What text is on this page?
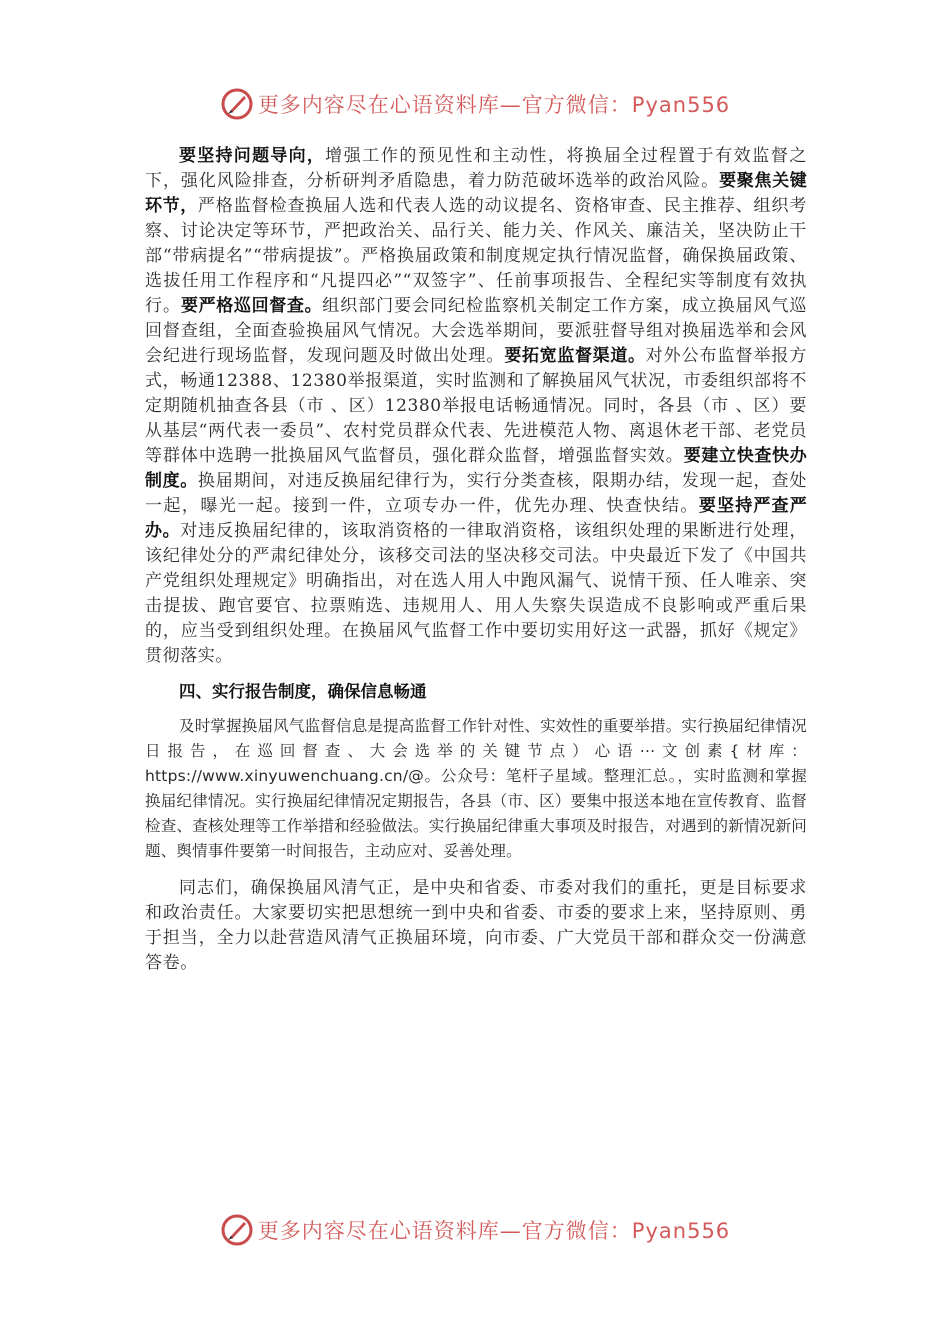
更多内容尽在心语资料库—官方微信：Pyan556

要坚持问题导向，增强工作的预见性和主动性，将换届全过程置于有效监督之下，强化风险排查，分析研判矛盾隐患，着力防范破坏选举的政治风险。要聚焦关键环节，严格监督检查换届人选和代表人选的动议提名、资格审查、民主推荐、组织考察、讨论决定等环节，严把政治关、品行关、能力关、作风关、廉洁关，坚决防止干部“带病提名”“带病提拔”。严格换届政策和制度规定执行情况监督，确保换届政策、选拔任用工作程序和“凡提四必”“双签字”、任前事项报告、全程纪实等制度有效执行。要严格巡回督查。组织部门要会同纪检监察机关制定工作方案，成立换届风气巡回督查组，全面查验换届风气情况。大会选举期间，要派驻督导组对换届选举和会风会纪进行现场监督，发现问题及时做出处理。要拓宽监督渠道。对外公布监督举报方式，畅通12388、12380举报渠道，实时监测和了解换届风气状况，市委组织部将不定期随机抽查各县（市 、区）12380举报电话畅通情况。同时，各县（市 、区）要从基层“两代表一委员”、农村党员群众代表、先进模范人物、离退休老干部、老党员等群体中选聘一批换届风气监督员，强化群众监督，增强监督实效。要建立快查快办制度。换届期间，对违反换届纪律行为，实行分类查核，限期办结，发现一起，查处一起，曝光一起。接到一件，立项专办一件，优先办理、快查快结。要坚持严查严办。对违反换届纪律的，该取消资格的一律取消资格，该组织处理的果断进行处理，该纪律处分的严肃纪律处分，该移交司法的坚决移交司法。中央最近下发了《中国共产党组织处理规定》明确指出，对在选人用人中跑风漏气、说情干预、任人唯亲、突击提拔、跑官要官、拉票贿选、违规用人、用人失察失误造成不良影响或严重后果的，应当受到组织处理。在换届风气监督工作中要切实用好这一武器，抓好《规定》贯彻落实。

四、实行报告制度，确保信息畅通

及时掌握换届风气监督信息是提高监督工作针对性、实效性的重要举措。实行换届纪律情况日报告，在巡回督查、大会选举的关键节点）心语⋯文创素{材库：https://www.xinyuwenchuang.cn/@。公众号：笔杆子星域。整理汇总。，实时监测和掌握换届纪律情况。实行换届纪律情况定期报告，各县（市、区）要集中报送本地在宣传教育、监督检查、查核处理等工作举措和经验做法。实行换届纪律重大事项及时报告，对遇到的新情况新问题、舆情事件要第一时间报告，主动应对、妥善处理。

同志们，确保换届风清气正，是中央和省委、市委对我们的重托，更是目标要求和政治责任。大家要切实把思想统一到中央和省委、市委的要求上来，坚持原则、勇于担当，全力以赴营造风清气正换届环境，向市委、广大党员干部和群众交一份满意答卷。

更多内容尽在心语资料库—官方微信：Pyan556
